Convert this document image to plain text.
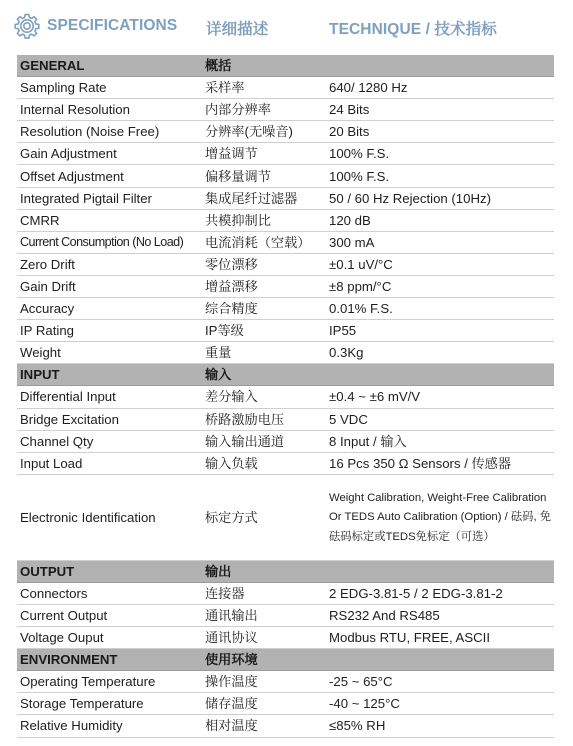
SPECIFICATIONS 详细描述	TECHNIQUE / 技术指标
GENERAL	概括	
Sampling Rate	采样率	640/ 1280 Hz
Internal Resolution	内部分辨率	24 Bits
Resolution (Noise Free)	分辨率(无噪音)	20 Bits
Gain Adjustment	增益调节	100% F.S.
Offset Adjustment	偏移量调节	100% F.S.
Integrated Pigtail Filter	集成尾纤过滤器	50 / 60 Hz Rejection (10Hz)
CMRR	共模抑制比	120 dB
Current Consumption (No Load)	电流消耗（空载）	300 mA
Zero Drift	零位漂移	±0.1 uV/°C
Gain Drift	增益漂移	±8 ppm/°C
Accuracy	综合精度	0.01% F.S.
IP Rating	IP等级	IP55
Weight	重量	0.3Kg
INPUT	输入	
Differential Input	差分输入	±0.4 ~ ±6 mV/V
Bridge Excitation	桥路激励电压	5 VDC
Channel Qty	输入输出通道	8 Input / 输入
Input Load	输入负载	16 Pcs 350 Ω Sensors / 传感器
Electronic Identification	标定方式	Weight Calibration, Weight-Free Calibration Or TEDS Auto Calibration (Option) / 砝码, 免砝码标定或TEDS免标定（可选）
OUTPUT	输出	
Connectors	连接器	2 EDG-3.81-5 / 2 EDG-3.81-2
Current Output	通讯输出	RS232 And RS485
Voltage Ouput	通讯协议	Modbus RTU, FREE, ASCII
ENVIRONMENT	使用环境	
Operating Temperature	操作温度	-25 ~ 65°C
Storage Temperature	储存温度	-40 ~ 125°C
Relative Humidity	相对温度	≤85% RH
